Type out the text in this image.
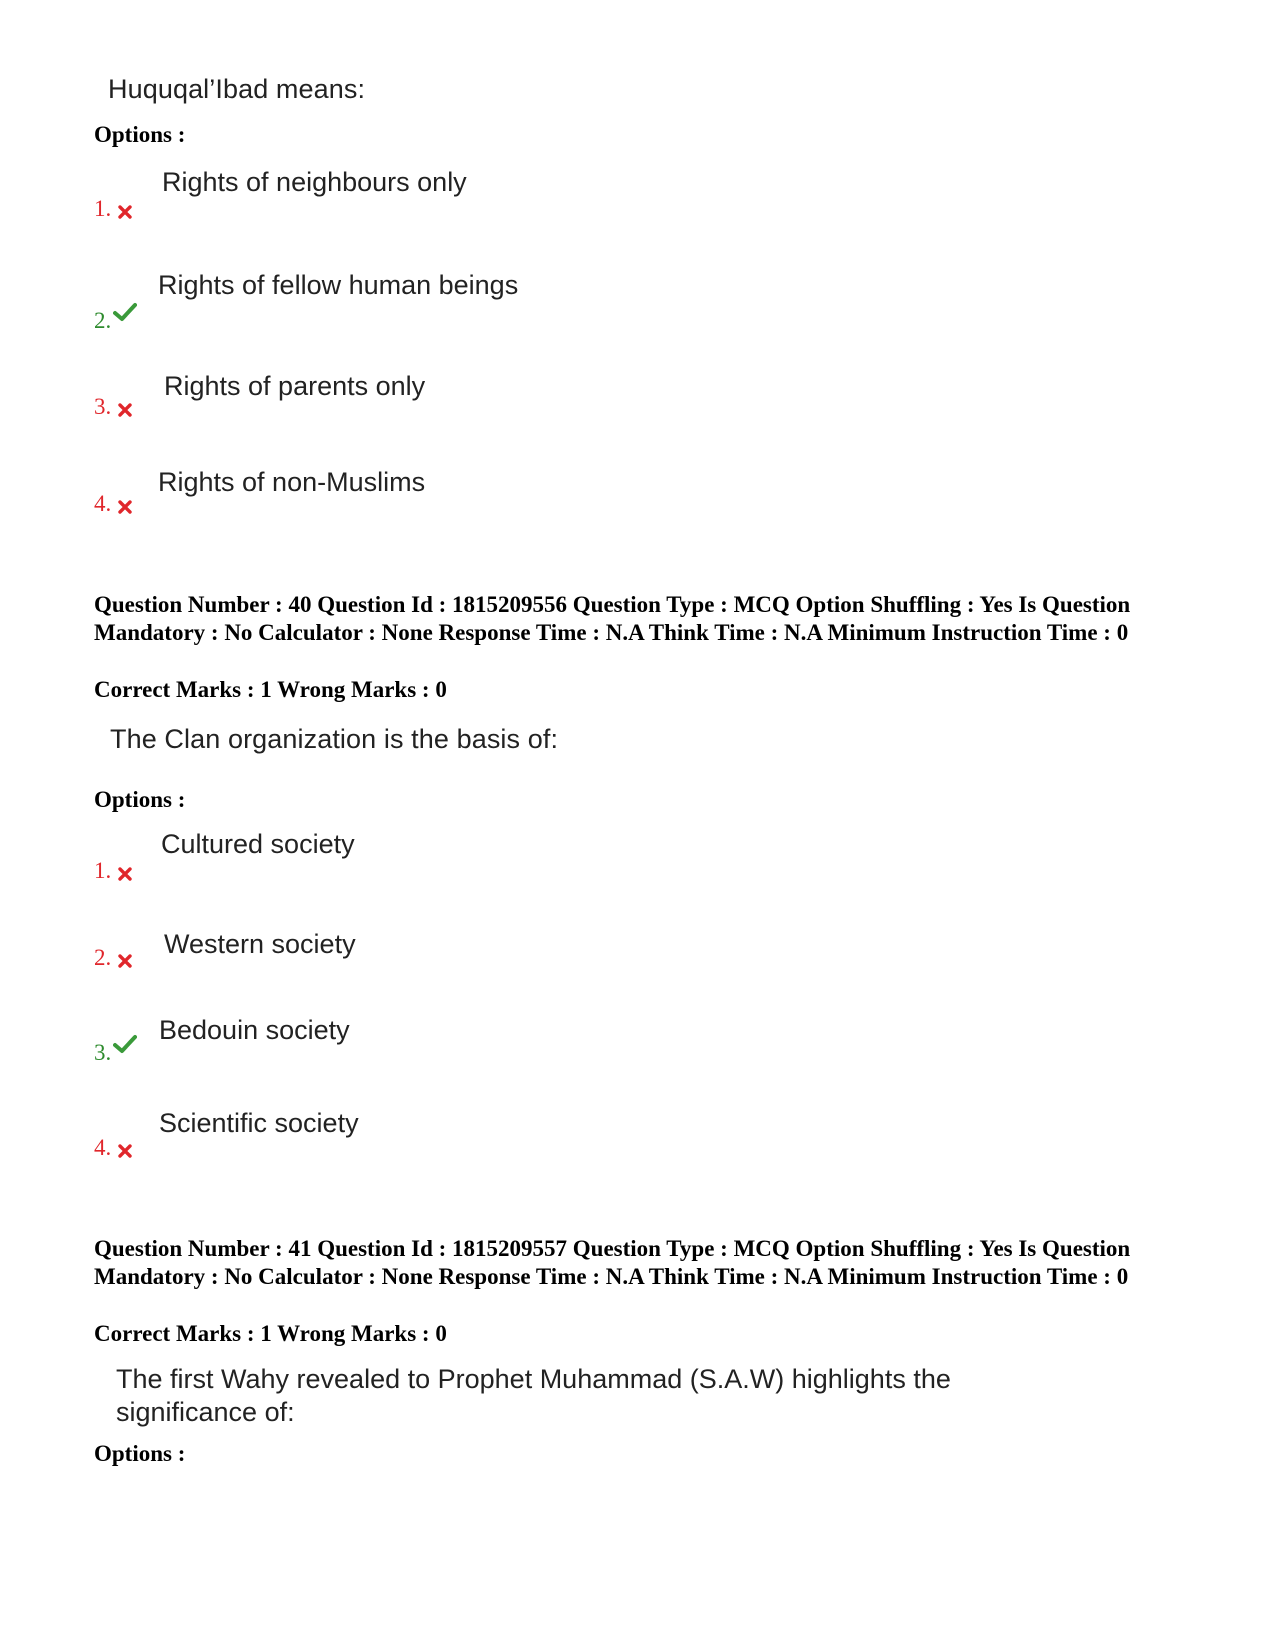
Huquqal’Ibad means:
Options :
Rights of neighbours only
1.
Rights of fellow human beings
2.
Rights of parents only
3.
Rights of non-Muslims
4.
Question Number : 40 Question Id : 1815209556 Question Type : MCQ Option Shuffling : Yes Is Question Mandatory : No Calculator : None Response Time : N.A Think Time : N.A Minimum Instruction Time : 0
Correct Marks : 1 Wrong Marks : 0
The Clan organization is the basis of:
Options :
Cultured society
1.
Western society
2.
Bedouin society
3.
Scientific society
4.
Question Number : 41 Question Id : 1815209557 Question Type : MCQ Option Shuffling : Yes Is Question Mandatory : No Calculator : None Response Time : N.A Think Time : N.A Minimum Instruction Time : 0
Correct Marks : 1 Wrong Marks : 0
The first Wahy revealed to Prophet Muhammad (S.A.W) highlights the significance of:
Options :
